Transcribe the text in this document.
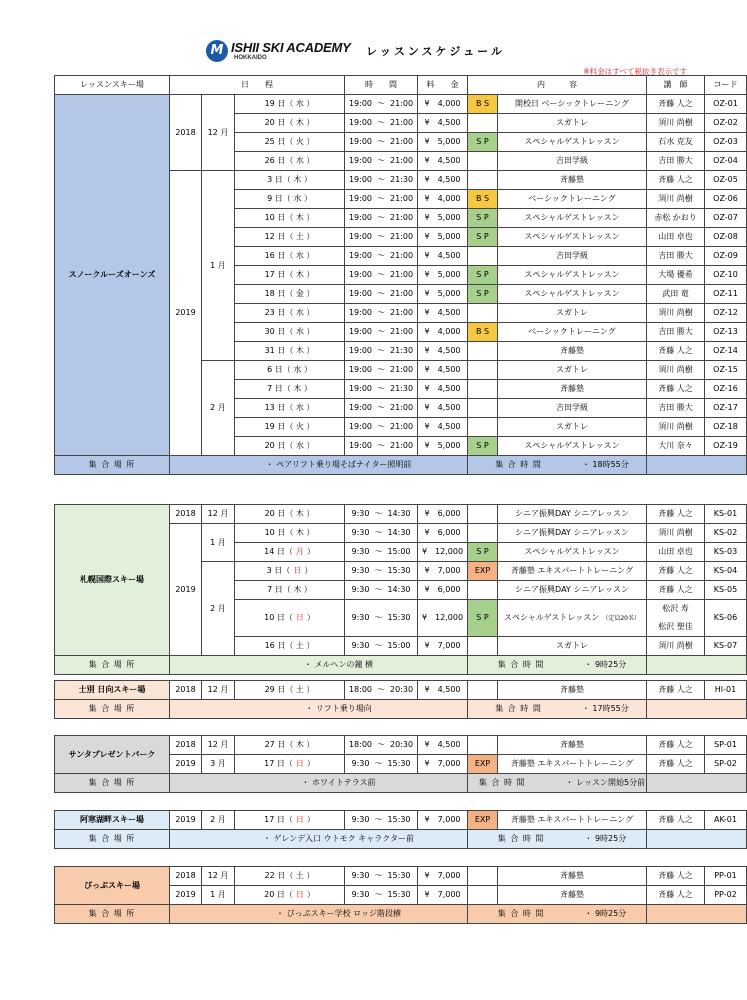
M ISHII SKI ACADEMY
HOKKAIDO	レッスンスケジュール
※料金はすべて税抜き表示です
レッスンスキー場	日　　程			時　　間	料　　金	内　　　容		講　師	コード
スノークルーズオーンズ	2018	12 月	19 日（ 水 ）	19:00 〜 21:00	¥ 4,000	B S	開校日 ベーシックトレーニング	斉藤 人之	OZ-01
			20 日（ 木 ）	19:00 〜 21:00	¥ 4,500		スガトレ	須川 尚樹	OZ-02
			25 日（ 火 ）	19:00 〜 21:00	¥ 5,000	S P	スペシャルゲストレッスン	石水 克友	OZ-03
			26 日（ 水 ）	19:00 〜 21:00	¥ 4,500		吉田学級	吉田 勝大	OZ-04
	2019	1 月	3 日（ 木 ）	19:00 〜 21:30	¥ 4,500		斉藤塾	斉藤 人之	OZ-05
			9 日（ 水 ）	19:00 〜 21:00	¥ 4,000	B S	ベーシックトレーニング	須川 尚樹	OZ-06
			10 日（ 木 ）	19:00 〜 21:00	¥ 5,000	S P	スペシャルゲストレッスン	赤松 かおり	OZ-07
			12 日（ 土 ）	19:00 〜 21:00	¥ 5,000	S P	スペシャルゲストレッスン	山田 卓也	OZ-08
			16 日（ 水 ）	19:00 〜 21:00	¥ 4,500		吉田学級	吉田 勝大	OZ-09
			17 日（ 木 ）	19:00 〜 21:00	¥ 5,000	S P	スペシャルゲストレッスン	大場 優希	OZ-10
			18 日（ 金 ）	19:00 〜 21:00	¥ 5,000	S P	スペシャルゲストレッスン	武田 竜	OZ-11
			23 日（ 水 ）	19:00 〜 21:00	¥ 4,500		スガトレ	須川 尚樹	OZ-12
			30 日（ 水 ）	19:00 〜 21:00	¥ 4,000	B S	ベーシックトレーニング	吉田 勝大	OZ-13
			31 日（ 木 ）	19:00 〜 21:30	¥ 4,500		斉藤塾	斉藤 人之	OZ-14
		2 月	6 日（ 水 ）	19:00 〜 21:00	¥ 4,500		スガトレ	須川 尚樹	OZ-15
			7 日（ 木 ）	19:00 〜 21:30	¥ 4,500		斉藤塾	斉藤 人之	OZ-16
			13 日（ 水 ）	19:00 〜 21:00	¥ 4,500		吉田学級	吉田 勝大	OZ-17
			19 日（ 火 ）	19:00 〜 21:00	¥ 4,500		スガトレ	須川 尚樹	OZ-18
			20 日（ 水 ）	19:00 〜 21:00	¥ 5,000	S P	スペシャルゲストレッスン	大川 奈々	OZ-19
集 合 場 所	・ ペアリフト乗り場そばナイター照明前					集 合 時 間 ・ 18時55分			
札幌国際スキー場	2018	12 月	20 日（ 木 ）	9:30 〜 14:30	¥ 6,000		シニア振興DAY シニアレッスン	斉藤 人之	KS-01
	2019	1 月	10 日（ 木 ）	9:30 〜 14:30	¥ 6,000		シニア振興DAY シニアレッスン	須川 尚樹	KS-02
			14 日（ 月 ）	9:30 〜 15:00	¥ 12,000	S P	スペシャルゲストレッスン	山田 卓也	KS-03
		2 月	3 日（ 日 ）	9:30 〜 15:30	¥ 7,000	EXP	斉藤塾 エキスパートトレーニング	斉藤 人之	KS-04
			7 日（ 木 ）	9:30 〜 14:30	¥ 6,000		シニア振興DAY シニアレッスン	斉藤 人之	KS-05
			10 日（ 日 ）	9:30 〜 15:30	¥ 12,000	S P	スペシャルゲストレッスン （定員20名）	松沢 寿
松沢 聖佳	KS-06
			16 日（ 土 ）	9:30 〜 15:00	¥ 7,000		スガトレ	須川 尚樹	KS-07
集 合 場 所	・ メルヘンの鐘 横					集 合 時 間 ・ 9時25分			
士別 日向スキー場	2018	12 月	29 日（ 土 ）	18:00 〜 20:30	¥ 4,500		斉藤塾	斉藤 人之	HI-01
集 合 場 所	・ リフト乗り場向					集 合 時 間 ・ 17時55分			
サンタプレゼントパーク	2018	12 月	27 日（ 木 ）	18:00 〜 20:30	¥ 4,500		斉藤塾	斉藤 人之	SP-01
	2019	3 月	17 日（ 日 ）	9:30 〜 15:30	¥ 7,000	EXP	斉藤塾 エキスパートトレーニング	斉藤 人之	SP-02
集 合 場 所	・ ホワイトテラス前					集 合 時 間 ・ レッスン開始5分前			
阿寒湖畔スキー場	2019	2 月	17 日（ 日 ）	9:30 〜 15:30	¥ 7,000	EXP	斉藤塾 エキスパートトレーニング	斉藤 人之	AK-01
集 合 場 所	・ ゲレンデ入口 ウトモク キャラクター前					集 合 時 間 ・ 9時25分			
ぴっぷスキー場	2018	12 月	22 日（ 土 ）	9:30 〜 15:30	¥ 7,000		斉藤塾	斉藤 人之	PP-01
	2019	1 月	20 日（ 日 ）	9:30 〜 15:30	¥ 7,000		斉藤塾	斉藤 人之	PP-02
集 合 場 所	・ ぴっぷスキー学校 ロッジ階段横					集 合 時 間 ・ 9時25分			
